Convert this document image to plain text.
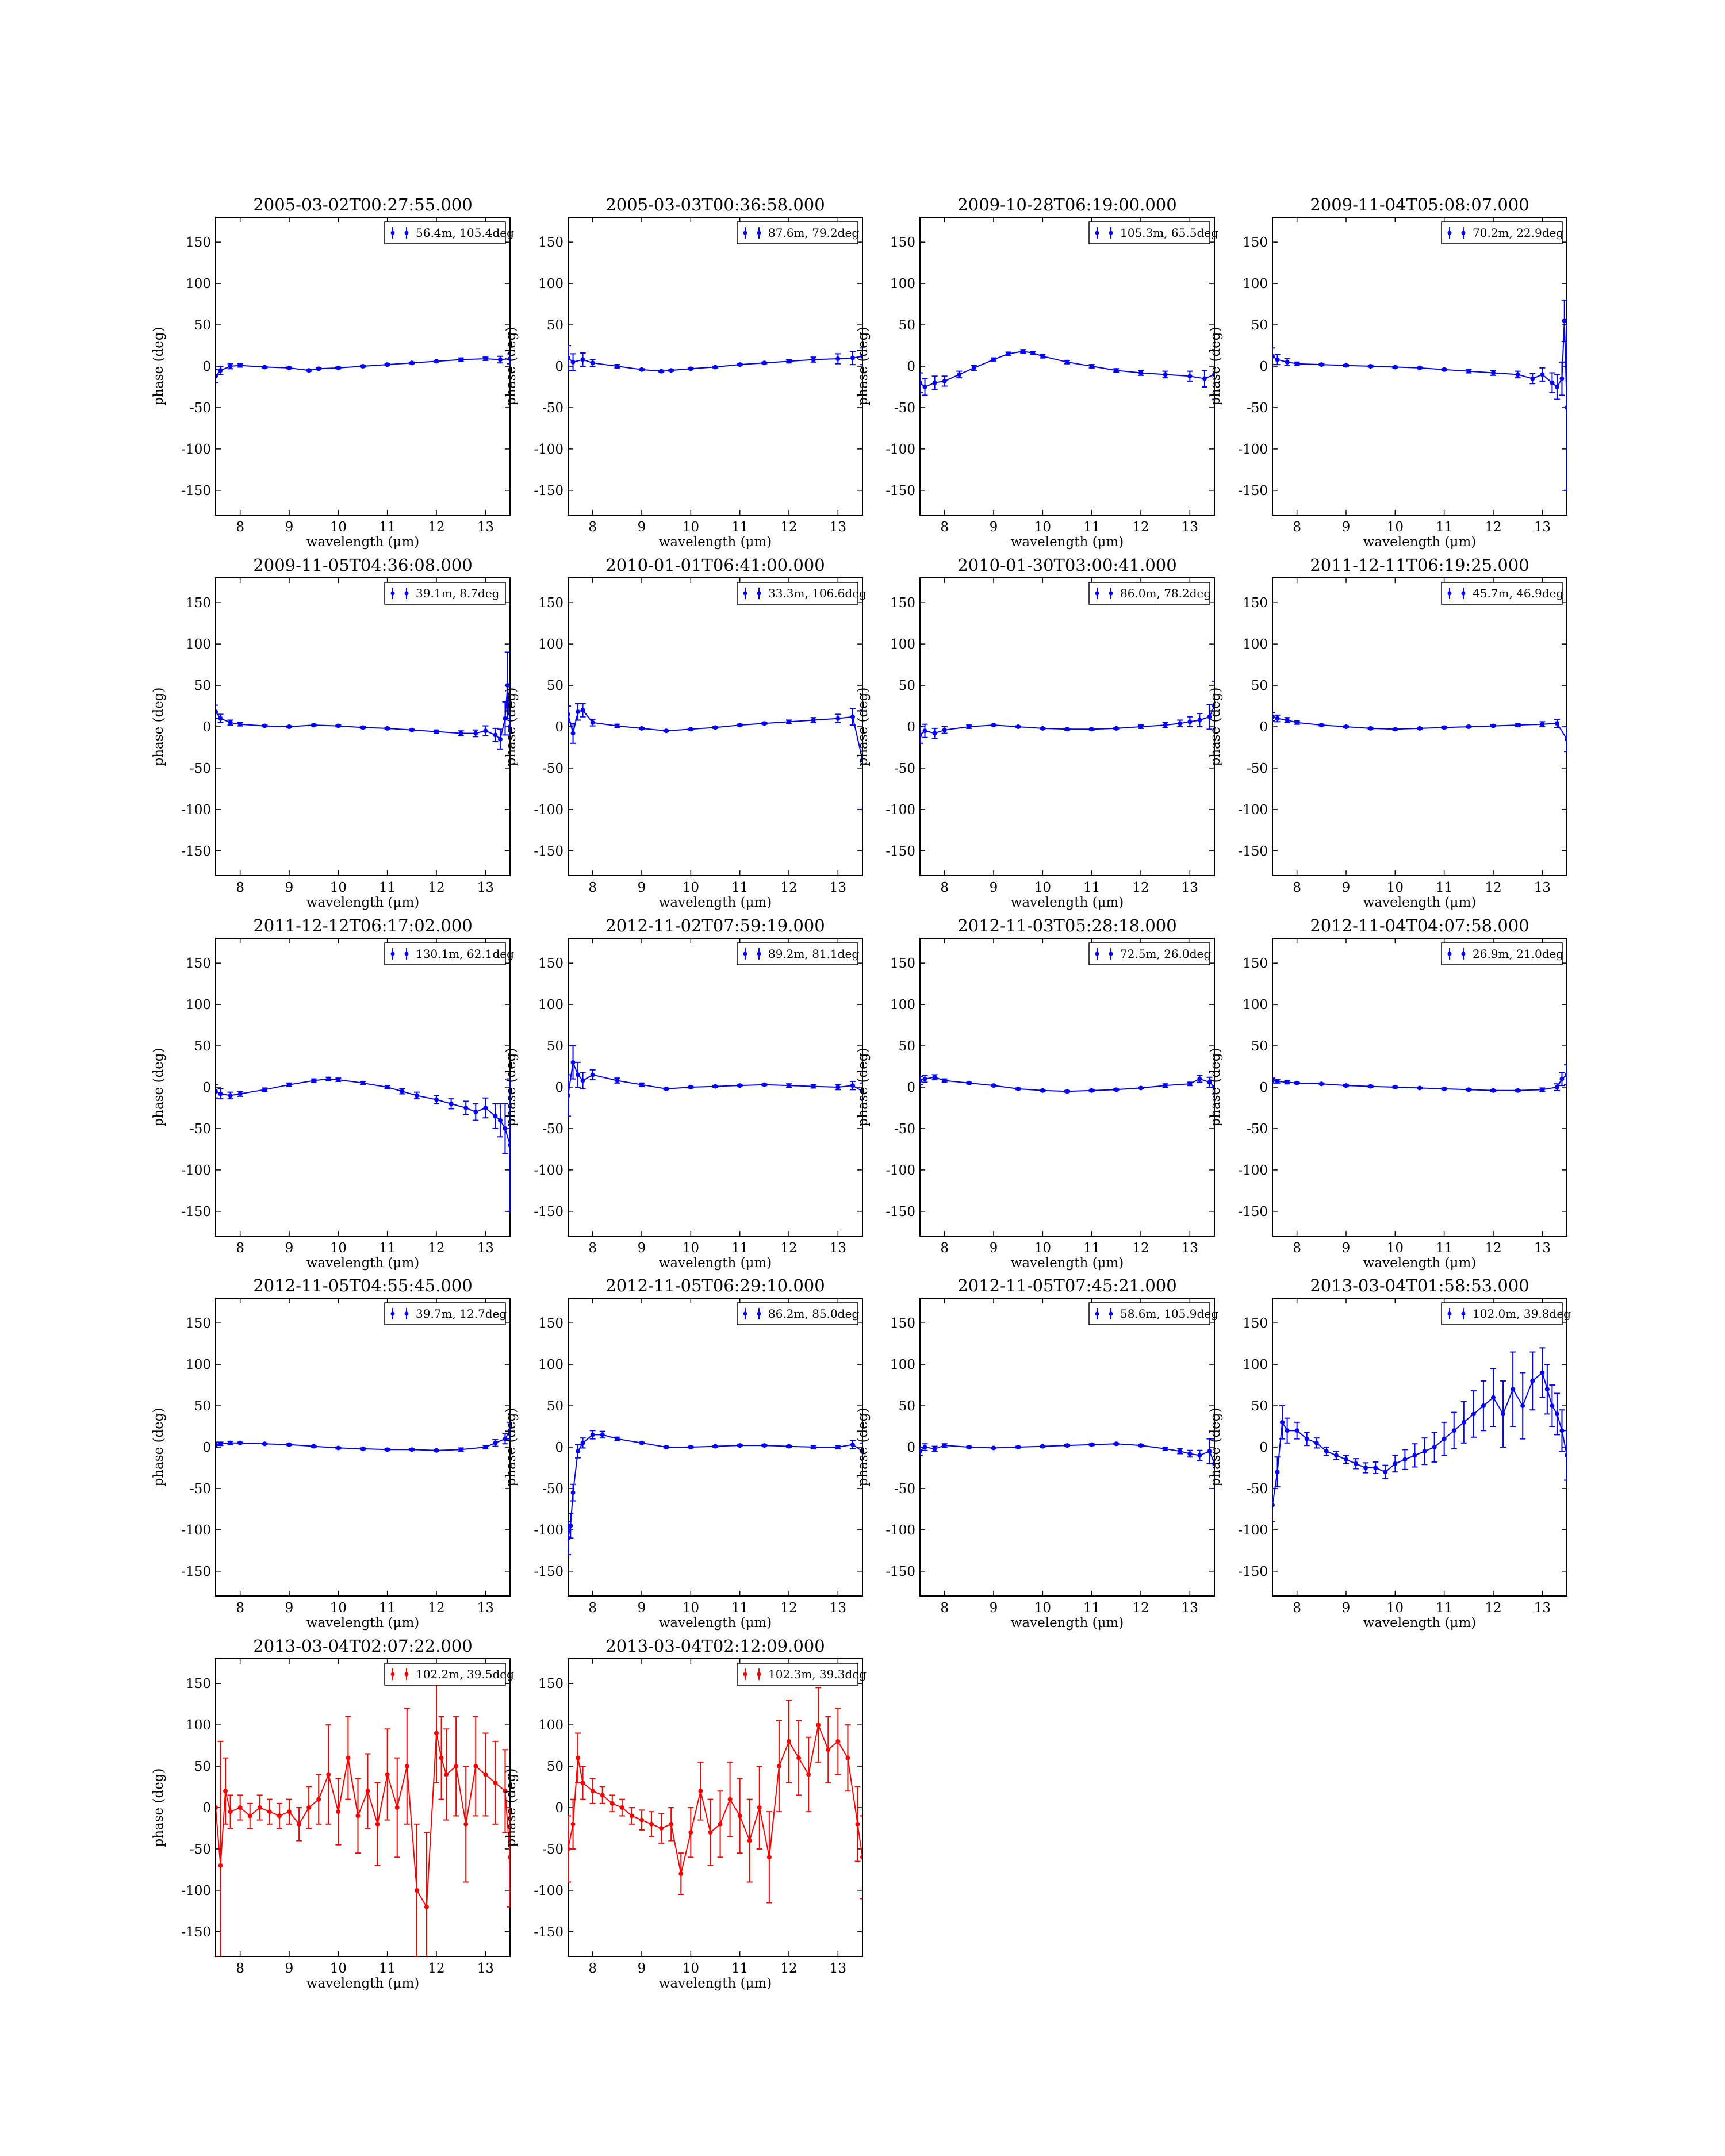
2005-03-02T00:27:55.000
8	9	10 11 12 13
-150
-100
-50
0
50
100
150
wavelength (μm)
phase (deg)
56.4m, 105.4deg
2005-03-03T00:36:58.000
8	9	10 11 12 13
-150
-100
-50
0
50
100
150
wavelength (μm)
phase (deg)
87.6m, 79.2deg
2009-10-28T06:19:00.000
8	9	10 11 12 13
-150
-100
-50
0
50
100
150
wavelength (μm)
phase (deg)
105.3m, 65.5deg
2009-11-04T05:08:07.000
8	9	10 11 12 13
-150
-100
-50
0
50
100
150
wavelength (μm)
phase (deg)
70.2m, 22.9deg
2009-11-05T04:36:08.000
8	9	10 11 12 13
-150
-100
-50
0
50
100
150
wavelength (μm)
phase (deg)
39.1m, 8.7deg
2010-01-01T06:41:00.000
8	9	10 11 12 13
-150
-100
-50
0
50
100
150
wavelength (μm)
phase (deg)
33.3m, 106.6deg
2010-01-30T03:00:41.000
8	9	10 11 12 13
-150
-100
-50
0
50
100
150
wavelength (μm)
phase (deg)
86.0m, 78.2deg
2011-12-11T06:19:25.000
8	9	10 11 12 13
-150
-100
-50
0
50
100
150
wavelength (μm)
phase (deg)
45.7m, 46.9deg
2011-12-12T06:17:02.000
8	9	10 11 12 13
-150
-100
-50
0
50
100
150
wavelength (μm)
phase (deg)
130.1m, 62.1deg
2012-11-02T07:59:19.000
8	9	10 11 12 13
-150
-100
-50
0
50
100
150
wavelength (μm)
phase (deg)
89.2m, 81.1deg
2012-11-03T05:28:18.000
8	9	10 11 12 13
-150
-100
-50
0
50
100
150
wavelength (μm)
phase (deg)
72.5m, 26.0deg
2012-11-04T04:07:58.000
8	9	10 11 12 13
-150
-100
-50
0
50
100
150
wavelength (μm)
phase (deg)
26.9m, 21.0deg
2012-11-05T04:55:45.000
8	9	10 11 12 13
-150
-100
-50
0
50
100
150
wavelength (μm)
phase (deg)
39.7m, 12.7deg
2012-11-05T06:29:10.000
8	9	10 11 12 13
-150
-100
-50
0
50
100
150
wavelength (μm)
phase (deg)
86.2m, 85.0deg
2012-11-05T07:45:21.000
8	9	10 11 12 13
-150
-100
-50
0
50
100
150
wavelength (μm)
phase (deg)
58.6m, 105.9deg
2013-03-04T01:58:53.000
8	9	10 11 12 13
-150
-100
-50
0
50
100
150
wavelength (μm)
phase (deg)
102.0m, 39.8deg
2013-03-04T02:07:22.000
8	9	10 11 12 13
-150
-100
-50
0
50
100
150
wavelength (μm)
phase (deg)
102.2m, 39.5deg
2013-03-04T02:12:09.000
8	9	10 11 12 13
-150
-100
-50
0
50
100
150
wavelength (μm)
phase (deg)
102.3m, 39.3deg
